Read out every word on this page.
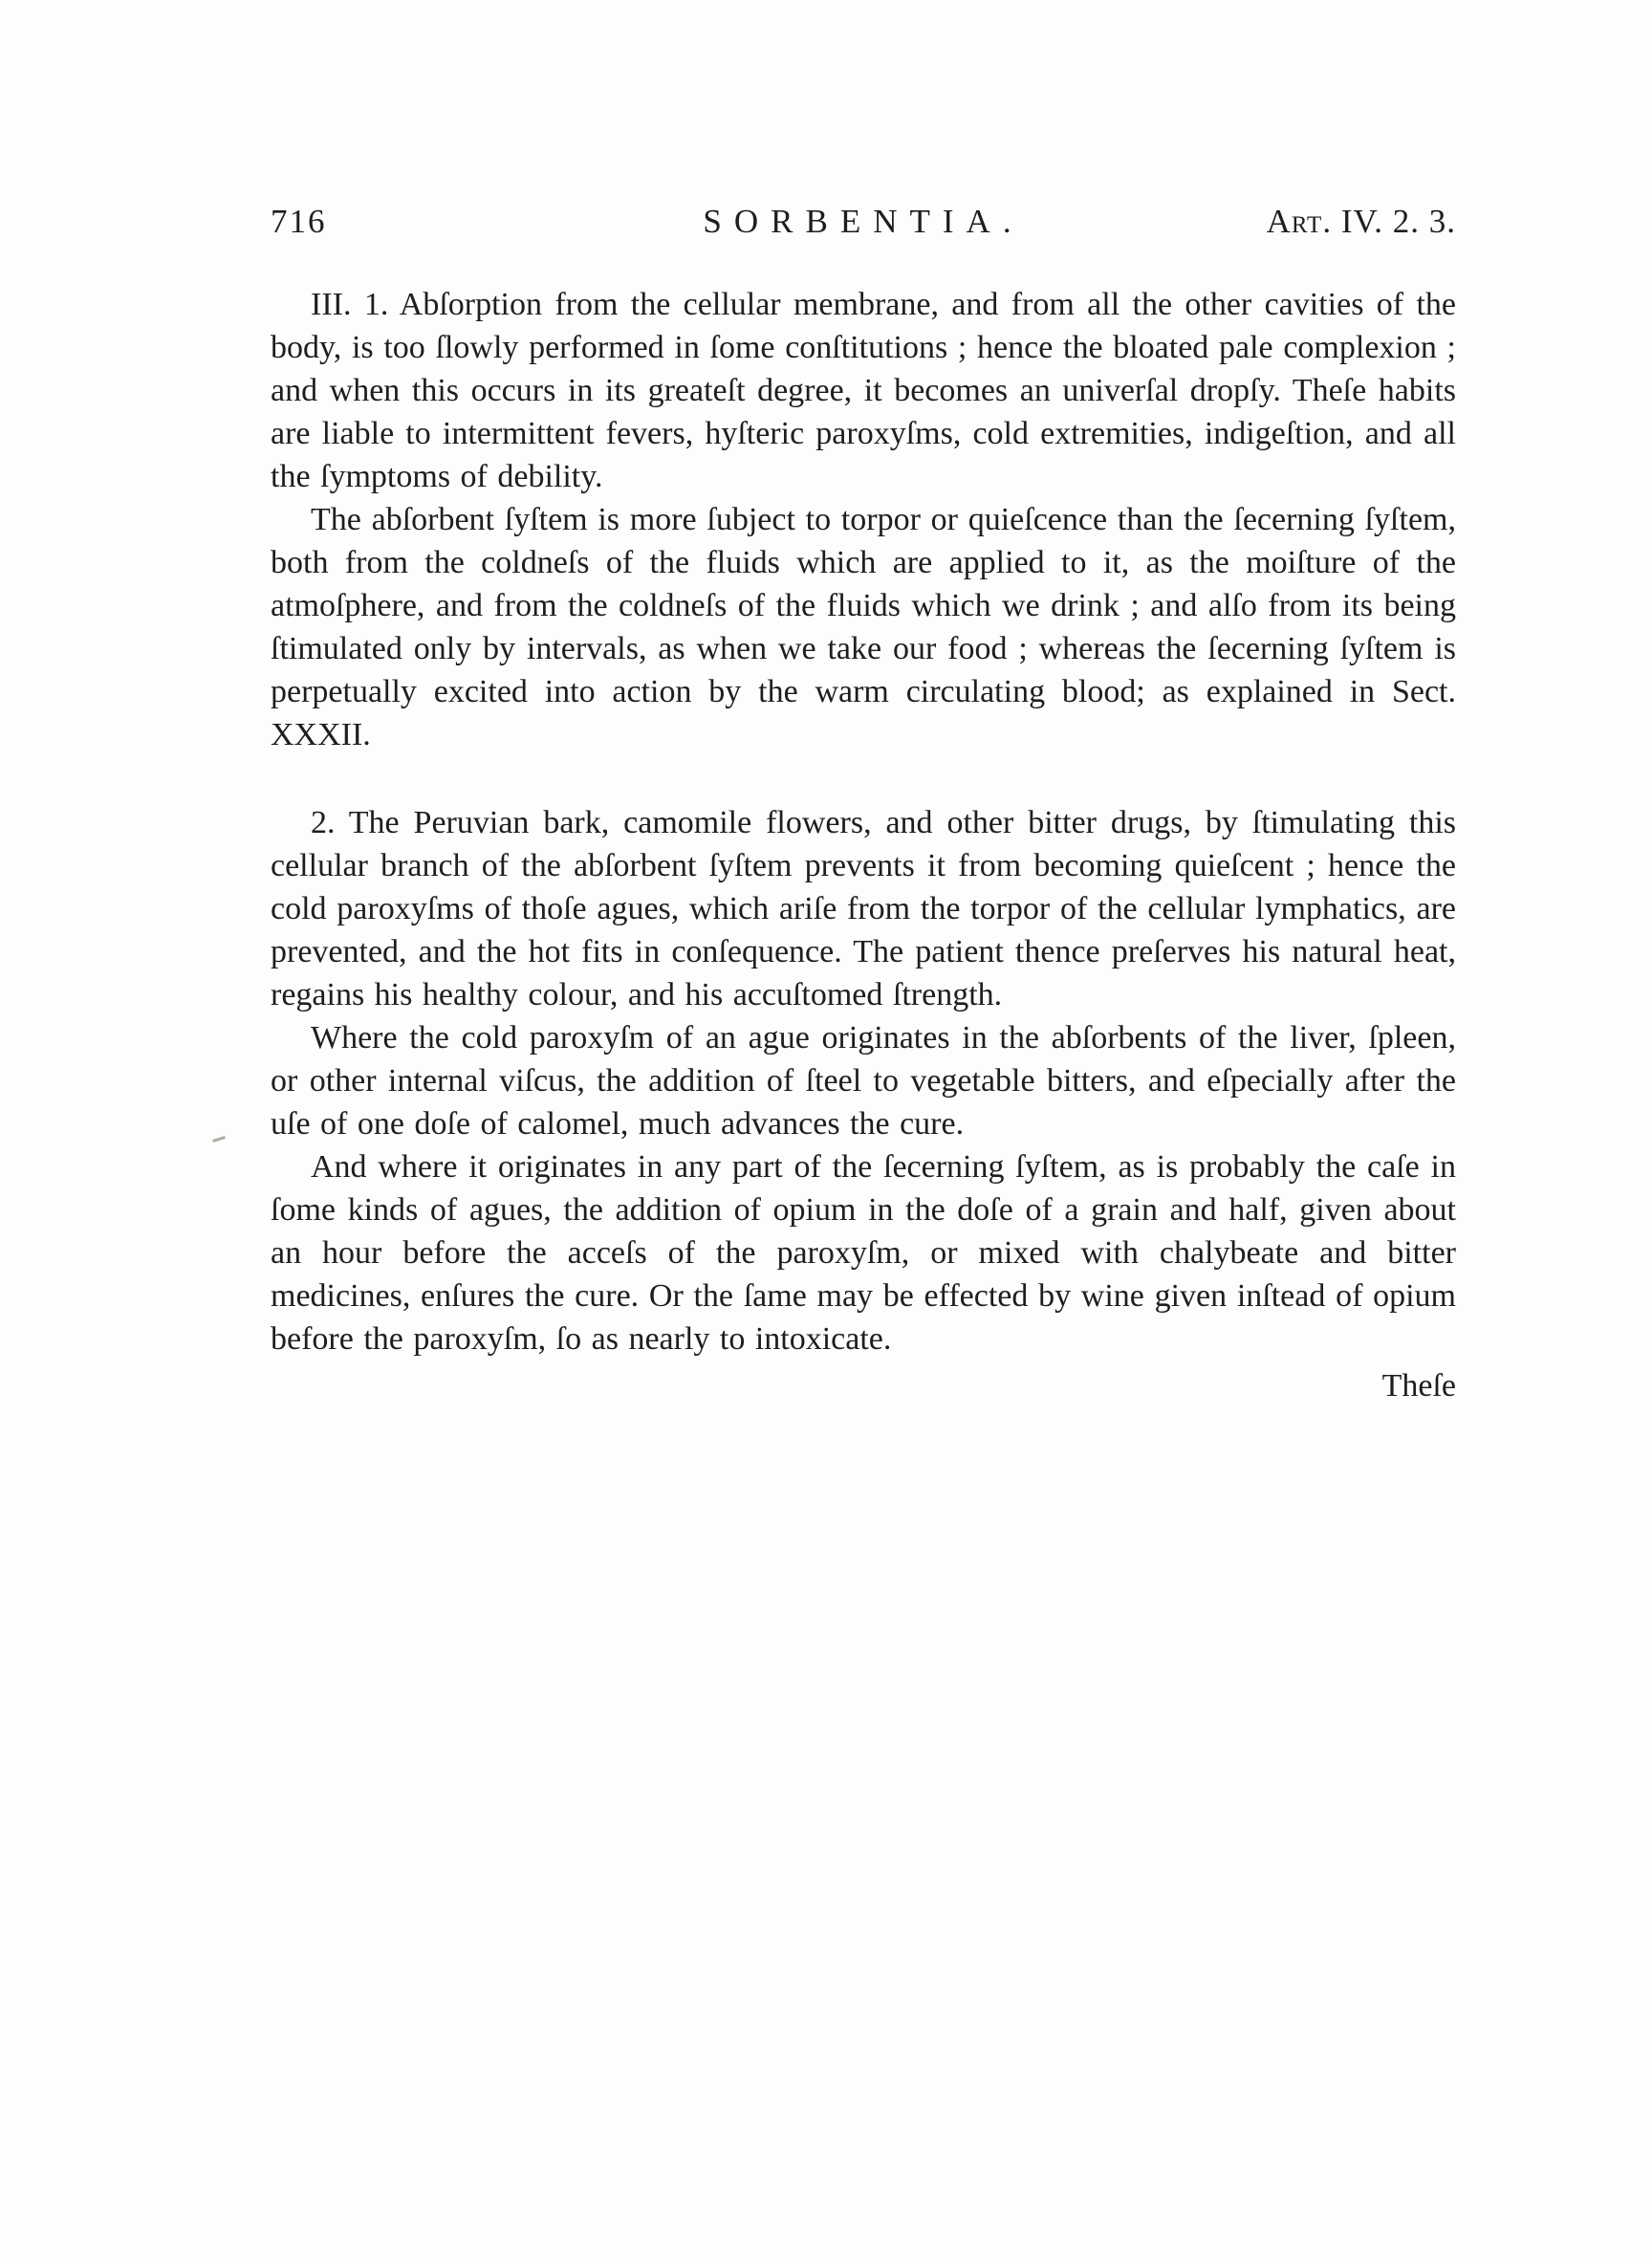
716	SORBENTIA.	Art. IV. 2. 3.

III. 1. Abſorption from the cellular membrane, and from all the other cavities of the body, is too ſlowly performed in ſome conſtitutions ; hence the bloated pale complexion ; and when this occurs in its greateſt degree, it becomes an univerſal dropſy. Theſe habits are liable to intermittent fevers, hyſteric paroxyſms, cold extremities, indigeſtion, and all the ſymptoms of debility.

The abſorbent ſyſtem is more ſubject to torpor or quieſcence than the ſecerning ſyſtem, both from the coldneſs of the fluids which are applied to it, as the moiſture of the atmoſphere, and from the coldneſs of the fluids which we drink ; and alſo from its being ſtimulated only by intervals, as when we take our food ; whereas the ſecerning ſyſtem is perpetually excited into action by the warm circulating blood; as explained in Sect. XXXII.

2. The Peruvian bark, camomile flowers, and other bitter drugs, by ſtimulating this cellular branch of the abſorbent ſyſtem prevents it from becoming quieſcent ; hence the cold paroxyſms of thoſe agues, which ariſe from the torpor of the cellular lymphatics, are prevented, and the hot fits in conſequence. The patient thence preſerves his natural heat, regains his healthy colour, and his accuſtomed ſtrength.

Where the cold paroxyſm of an ague originates in the abſorbents of the liver, ſpleen, or other internal viſcus, the addition of ſteel to vegetable bitters, and eſpecially after the uſe of one doſe of calomel, much advances the cure.

And where it originates in any part of the ſecerning ſyſtem, as is probably the caſe in ſome kinds of agues, the addition of opium in the doſe of a grain and half, given about an hour before the acceſs of the paroxyſm, or mixed with chalybeate and bitter medicines, enſures the cure. Or the ſame may be effected by wine given inſtead of opium before the paroxyſm, ſo as nearly to intoxicate.

Theſe
